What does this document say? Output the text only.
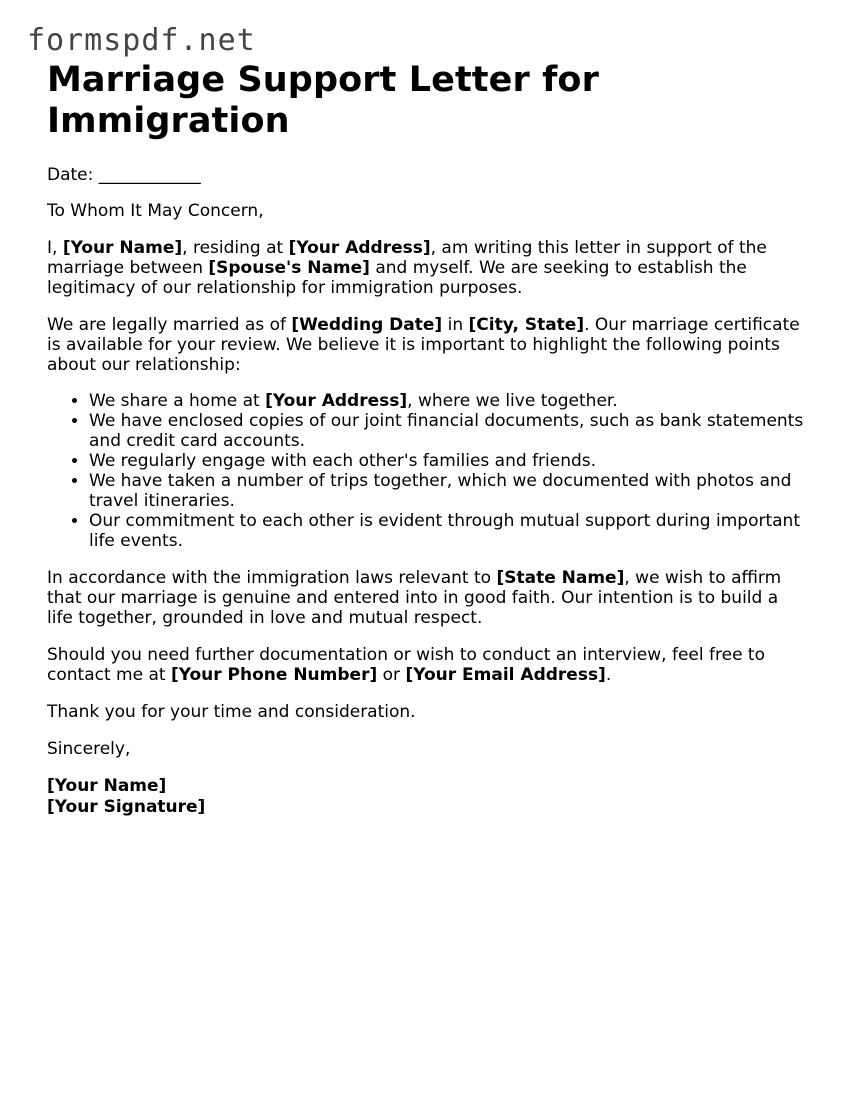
formspdf.net
Marriage Support Letter for Immigration

Date: ____________

To Whom It May Concern,

I, [Your Name], residing at [Your Address], am writing this letter in support of the marriage between [Spouse's Name] and myself. We are seeking to establish the legitimacy of our relationship for immigration purposes.

We are legally married as of [Wedding Date] in [City, State]. Our marriage certificate is available for your review. We believe it is important to highlight the following points about our relationship:

• We share a home at [Your Address], where we live together.
• We have enclosed copies of our joint financial documents, such as bank statements and credit card accounts.
• We regularly engage with each other's families and friends.
• We have taken a number of trips together, which we documented with photos and travel itineraries.
• Our commitment to each other is evident through mutual support during important life events.

In accordance with the immigration laws relevant to [State Name], we wish to affirm that our marriage is genuine and entered into in good faith. Our intention is to build a life together, grounded in love and mutual respect.

Should you need further documentation or wish to conduct an interview, feel free to contact me at [Your Phone Number] or [Your Email Address].

Thank you for your time and consideration.

Sincerely,

[Your Name]
[Your Signature]
